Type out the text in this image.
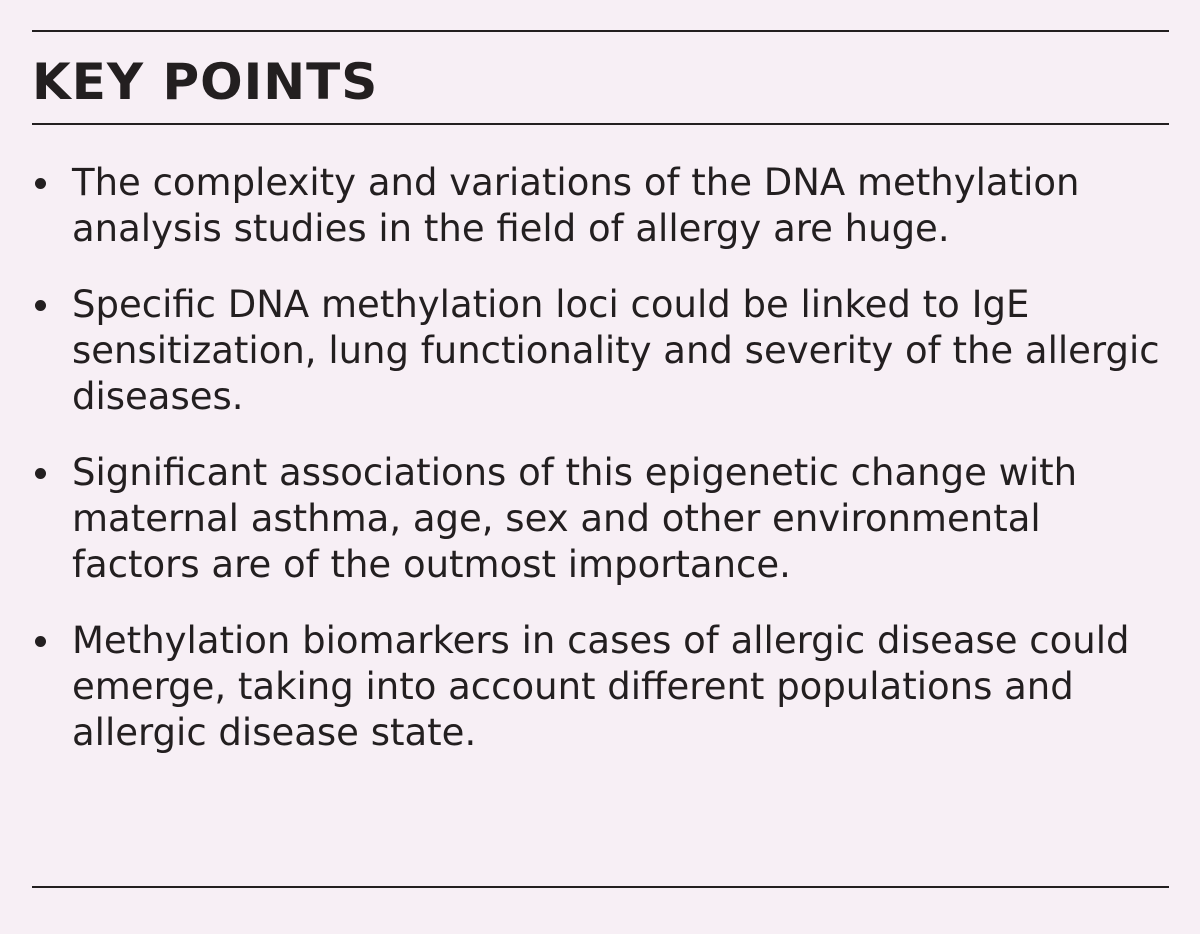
KEY POINTS
The complexity and variations of the DNA methylation analysis studies in the field of allergy are huge.
Specific DNA methylation loci could be linked to IgE sensitization, lung functionality and severity of the allergic diseases.
Significant associations of this epigenetic change with maternal asthma, age, sex and other environmental factors are of the outmost importance.
Methylation biomarkers in cases of allergic disease could emerge, taking into account different populations and allergic disease state.
